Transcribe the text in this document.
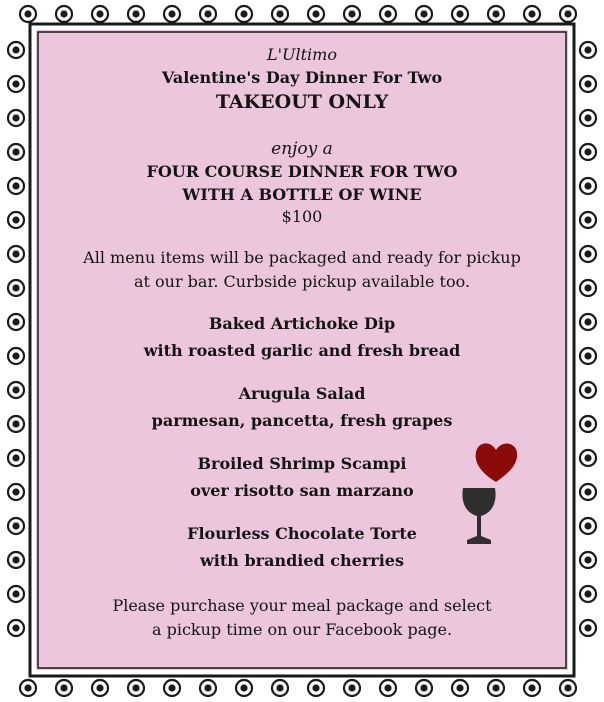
L'Ultimo
Valentine's Day Dinner For Two
TAKEOUT ONLY
enjoy a
FOUR COURSE DINNER FOR TWO
WITH A BOTTLE OF WINE
$100
All menu items will be packaged and ready for pickup
at our bar. Curbside pickup available too.
Baked Artichoke Dip
with roasted garlic and fresh bread
Arugula Salad
parmesan, pancetta, fresh grapes
Broiled Shrimp Scampi
over risotto san marzano
Flourless Chocolate Torte
with brandied cherries
Please purchase your meal package and select
a pickup time on our Facebook page.
